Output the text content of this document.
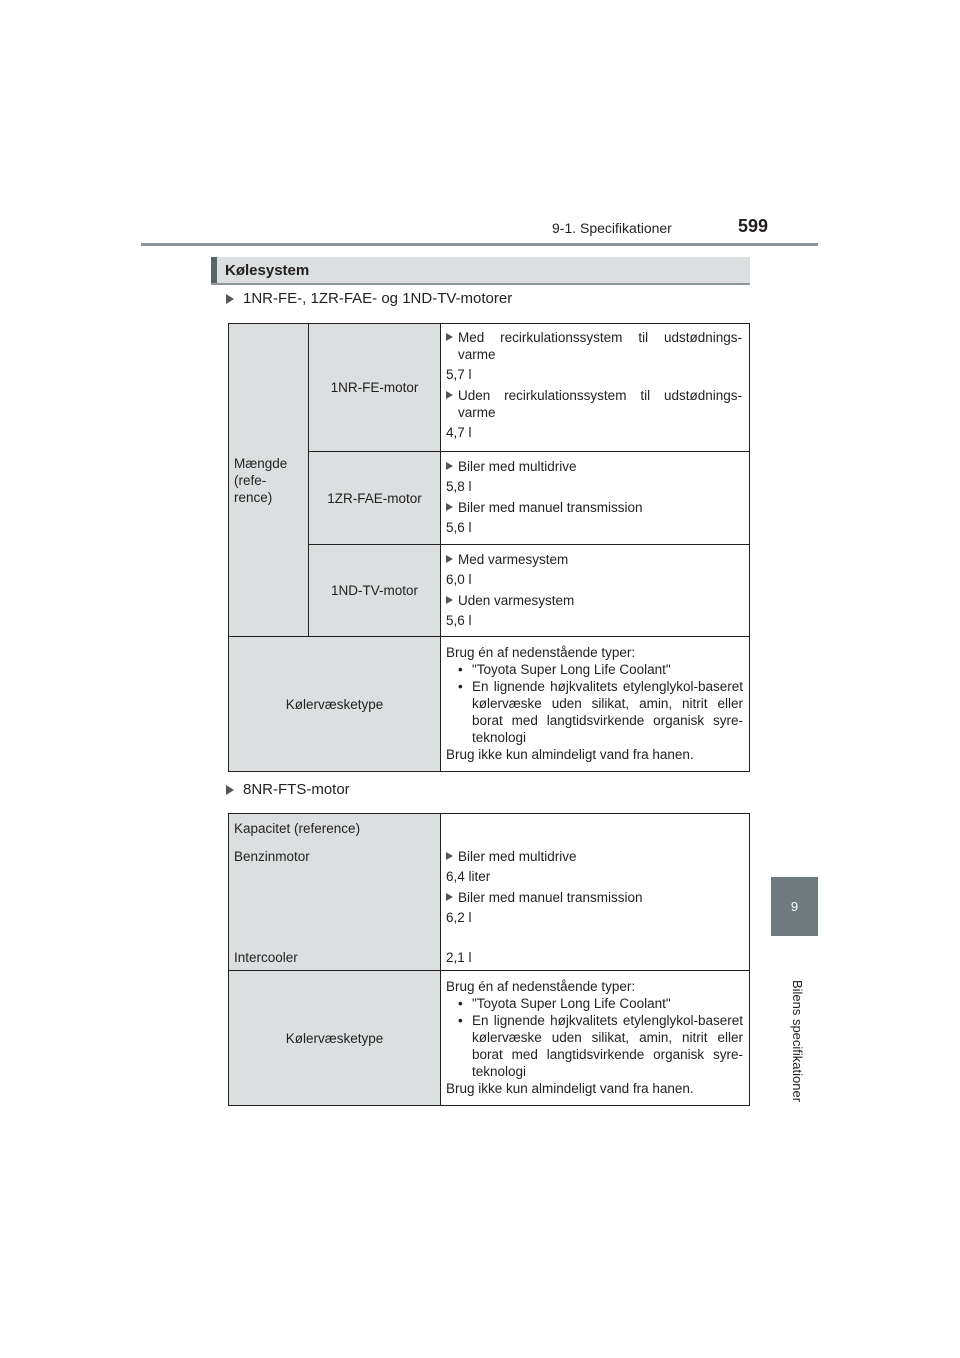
9-1. Specifikationer	599
9
Bilens specifikationer
Kølesystem
1NR-FE-, 1ZR-FAE- og 1ND-TV-motorer
Mængde
(refe-
rence)
1NR-FE-motor
Med recirkulationssystem til udstødnings-varme
5,7 l
Uden recirkulationssystem til udstødnings-varme
4,7 l
1ZR-FAE-motor
Biler med multidrive
5,8 l
Biler med manuel transmission
5,6 l
1ND-TV-motor
Med varmesystem
6,0 l
Uden varmesystem
5,6 l
Kølervæsketype
Brug én af nedenstående typer:
• "Toyota Super Long Life Coolant"
• En lignende højkvalitets etylenglykol-baseret kølervæske uden silikat, amin, nitrit eller borat med langtidsvirkende organisk syre-teknologi
Brug ikke kun almindeligt vand fra hanen.
8NR-FTS-motor
Kapacitet (reference)
Benzinmotor
Intercooler
Biler med multidrive
6,4 liter
Biler med manuel transmission
6,2 l
2,1 l
Kølervæsketype
Brug én af nedenstående typer:
• "Toyota Super Long Life Coolant"
• En lignende højkvalitets etylenglykol-baseret kølervæske uden silikat, amin, nitrit eller borat med langtidsvirkende organisk syre-teknologi
Brug ikke kun almindeligt vand fra hanen.
